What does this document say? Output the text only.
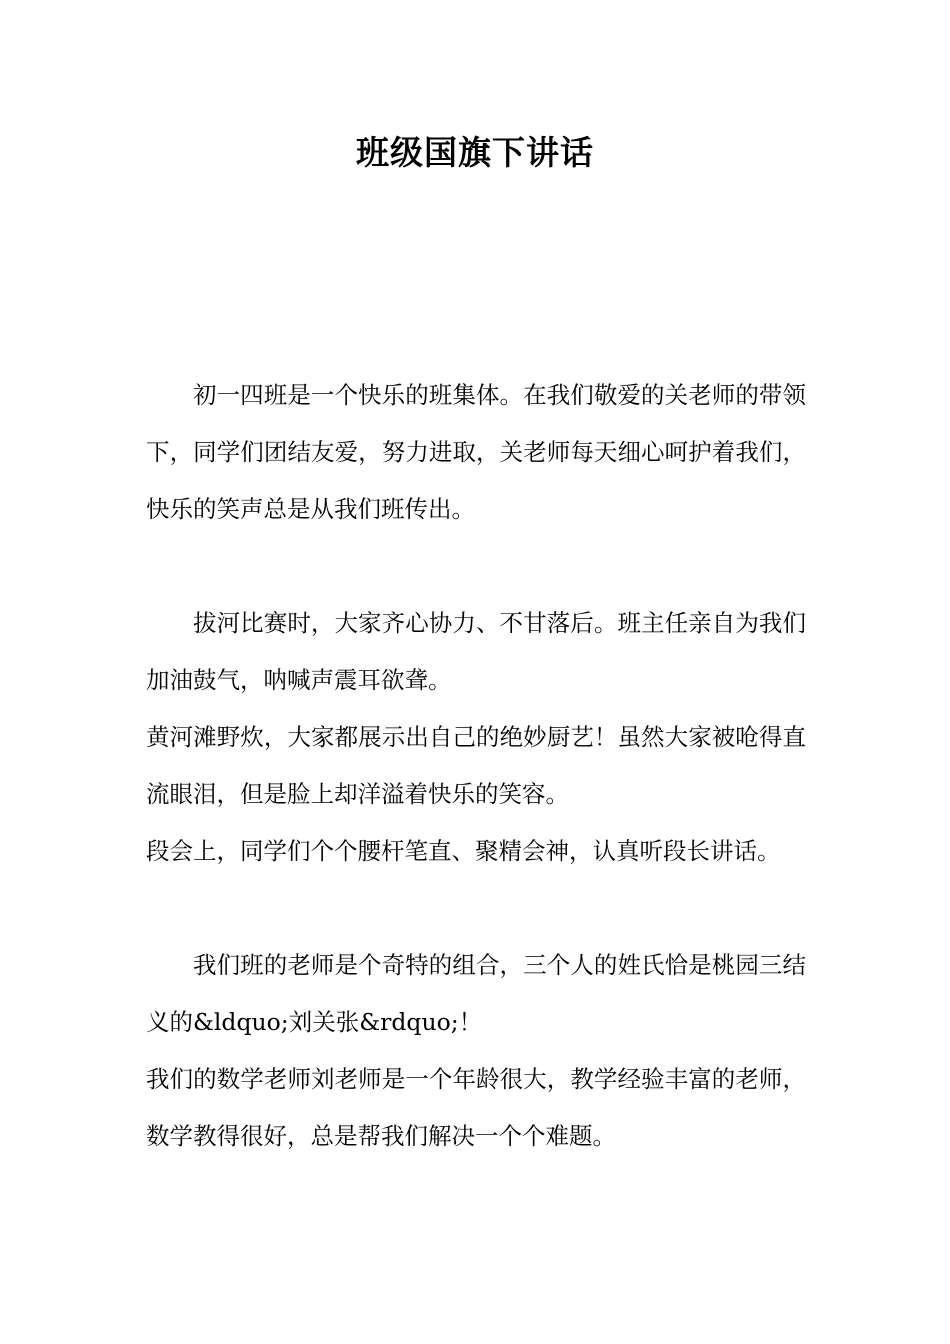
班级国旗下讲话

初一四班是一个快乐的班集体。在我们敬爱的关老师的带领下，同学们团结友爱，努力进取，关老师每天细心呵护着我们，快乐的笑声总是从我们班传出。

拔河比赛时，大家齐心协力、不甘落后。班主任亲自为我们加油鼓气，呐喊声震耳欲聋。

黄河滩野炊，大家都展示出自己的绝妙厨艺！虽然大家被呛得直流眼泪，但是脸上却洋溢着快乐的笑容。

段会上，同学们个个腰杆笔直、聚精会神，认真听段长讲话。

我们班的老师是个奇特的组合，三个人的姓氏恰是桃园三结义的&ldquo;刘关张&rdquo;！

我们的数学老师刘老师是一个年龄很大，教学经验丰富的老师，数学教得很好，总是帮我们解决一个个难题。
